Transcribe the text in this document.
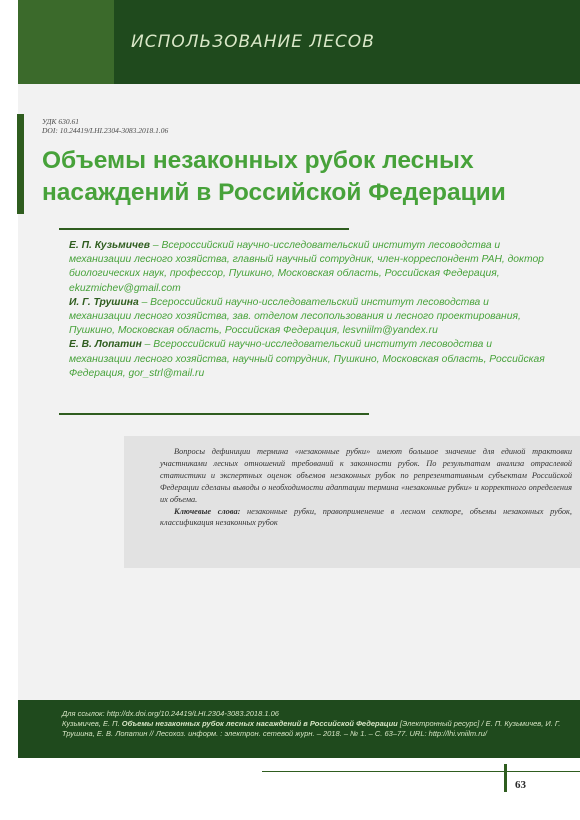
ИСПОЛЬЗОВАНИЕ ЛЕСОВ
УДК 630.61
DOI: 10.24419/LHI.2304-3083.2018.1.06
Объемы незаконных рубок лесных
насаждений в Российской Федерации

Е. П. Кузьмичев – Всероссийский научно-исследовательский институт лесоводства и механизации лесного хозяйства, главный научный сотрудник, член-корреспондент РАН, доктор биологических наук, профессор, Пушкино, Московская область, Российская Федерация, ekuzmichev@gmail.com

И. Г. Трушина – Всероссийский научно-исследовательский институт лесоводства и механизации лесного хозяйства, зав. отделом лесопользования и лесного проектирования, Пушкино, Московская область, Российская Федерация, lesvniilm@yandex.ru

Е. В. Лопатин – Всероссийский научно-исследовательский институт лесоводства и механизации лесного хозяйства, научный сотрудник, Пушкино, Московская область, Российская Федерация, gor_strl@mail.ru

Вопросы дефиниции термина «незаконные рубки» имеют большое значение для единой трактовки участниками лесных отношений требований к законности рубок. По результатам анализа отраслевой статистики и экспертных оценок объемов незаконных рубок по репрезентативным субъектам Российской Федерации сделаны выводы о необходимости адаптации термина «незаконные рубки» и корректного определения их объема.

Ключевые слова: незаконные рубки, правоприменение в лесном секторе, объемы незаконных рубок, классификация незаконных рубок

Для ссылок: http://dx.doi.org/10.24419/LHI.2304-3083.2018.1.06

Кузьмичев, Е. П. Объемы незаконных рубок лесных насаждений в Российской Федерации [Электронный ресурс] / Е. П. Кузьмичев, И. Г. Трушина, Е. В. Лопатин // Лесохоз. информ. : электрон. сетевой журн. – 2018. – № 1. – С. 63–77. URL: http://lhi.vniilm.ru/

63
